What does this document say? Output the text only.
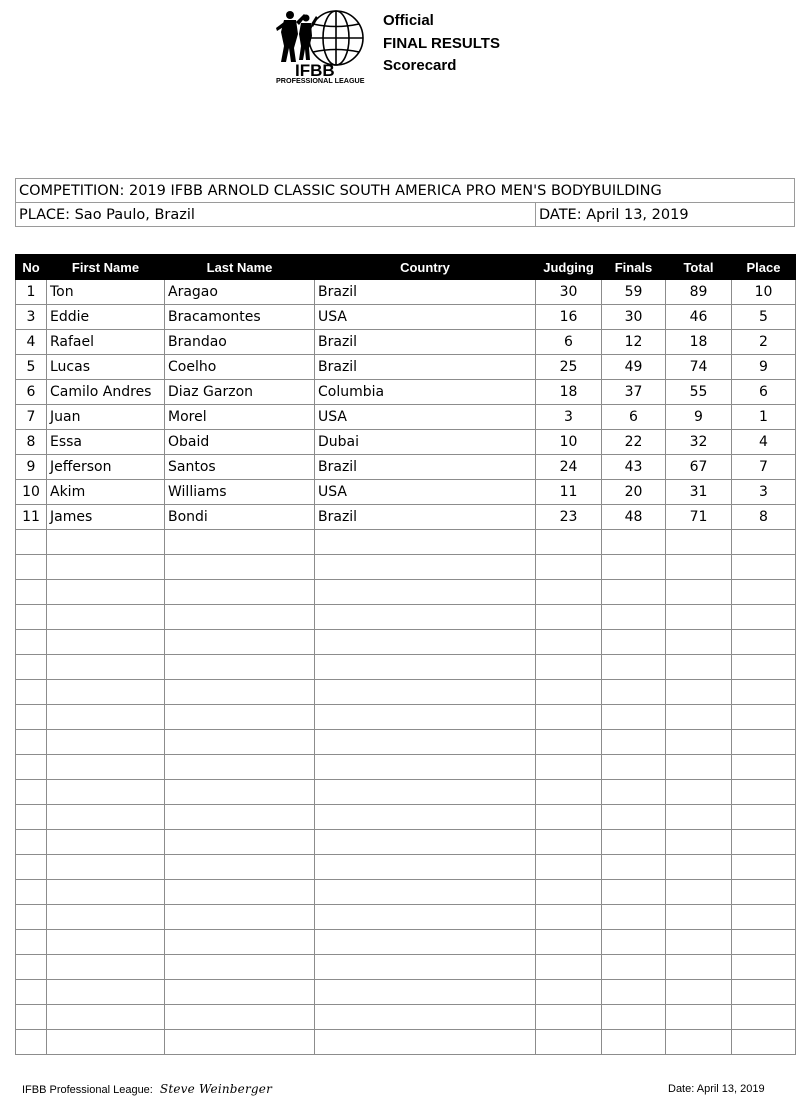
IFBB
PROFESSIONAL LEAGUE
Official
FINAL RESULTS
Scorecard
COMPETITION: 2019 IFBB ARNOLD CLASSIC SOUTH AMERICA PRO MEN'S BODYBUILDING
PLACE: Sao Paulo, Brazil	DATE: April 13, 2019
No	First Name	Last Name	Country	Judging	Finals	Total	Place
1	Ton	Aragao	Brazil	30	59	89	10
3	Eddie	Bracamontes	USA	16	30	46	5
4	Rafael	Brandao	Brazil	6	12	18	2
5	Lucas	Coelho	Brazil	25	49	74	9
6	Camilo Andres	Diaz Garzon	Columbia	18	37	55	6
7	Juan	Morel	USA	3	6	9	1
8	Essa	Obaid	Dubai	10	22	32	4
9	Jefferson	Santos	Brazil	24	43	67	7
10	Akim	Williams	USA	11	20	31	3
11	James	Bondi	Brazil	23	48	71	8

IFBB Professional League: Steve Weinberger	Date: April 13, 2019
